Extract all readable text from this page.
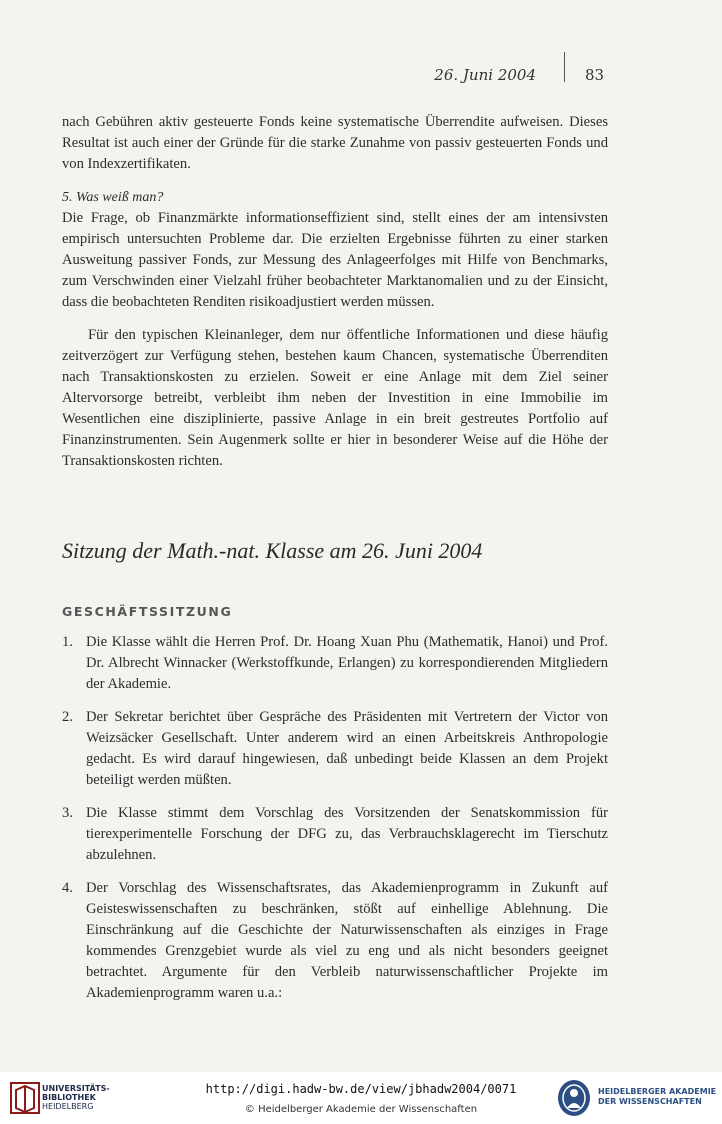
26. Juni 2004	83

nach Gebühren aktiv gesteuerte Fonds keine systematische Überrendite aufweisen. Dieses Resultat ist auch einer der Gründe für die starke Zunahme von passiv gesteuerten Fonds und von Indexzertifikaten.

5. Was weiß man?

Die Frage, ob Finanzmärkte informationseffizient sind, stellt eines der am intensivsten empirisch untersuchten Probleme dar. Die erzielten Ergebnisse führten zu einer starken Ausweitung passiver Fonds, zur Messung des Anlageerfolges mit Hilfe von Benchmarks, zum Verschwinden einer Vielzahl früher beobachteter Marktanomalien und zu der Einsicht, dass die beobachteten Renditen risikoadjustiert werden müssen.

Für den typischen Kleinanleger, dem nur öffentliche Informationen und diese häufig zeitverzögert zur Verfügung stehen, bestehen kaum Chancen, systematische Überrenditen nach Transaktionskosten zu erzielen. Soweit er eine Anlage mit dem Ziel seiner Altervorsorge betreibt, verbleibt ihm neben der Investition in eine Immobilie im Wesentlichen eine disziplinierte, passive Anlage in ein breit gestreutes Portfolio auf Finanzinstrumenten. Sein Augenmerk sollte er hier in besonderer Weise auf die Höhe der Transaktionskosten richten.

Sitzung der Math.-nat. Klasse am 26. Juni 2004
GESCHÄFTSSITZUNG
1. Die Klasse wählt die Herren Prof. Dr. Hoang Xuan Phu (Mathematik, Hanoi) und Prof. Dr. Albrecht Winnacker (Werkstoffkunde, Erlangen) zu korrespondierenden Mitgliedern der Akademie.
2. Der Sekretar berichtet über Gespräche des Präsidenten mit Vertretern der Victor von Weizsäcker Gesellschaft. Unter anderem wird an einen Arbeitskreis Anthropologie gedacht. Es wird darauf hingewiesen, daß unbedingt beide Klassen an dem Projekt beteiligt werden müßten.
3. Die Klasse stimmt dem Vorschlag des Vorsitzenden der Senatskommission für tierexperimentelle Forschung der DFG zu, das Verbrauchsklagerecht im Tierschutz abzulehnen.
4. Der Vorschlag des Wissenschaftsrates, das Akademienprogramm in Zukunft auf Geisteswissenschaften zu beschränken, stößt auf einhellige Ablehnung. Die Einschränkung auf die Geschichte der Naturwissenschaften als einziges in Frage kommendes Grenzgebiet wurde als viel zu eng und als nicht besonders geeignet betrachtet. Argumente für den Verbleib naturwissenschaftlicher Projekte im Akademienprogramm waren u.a.:
UNIVERSITÄTS-
BIBLIOTHEK
HEIDELBERG
http://digi.hadw-bw.de/view/jbhadw2004/0071
© Heidelberger Akademie der Wissenschaften
HEIDELBERGER AKADEMIE
DER WISSENSCHAFTEN
